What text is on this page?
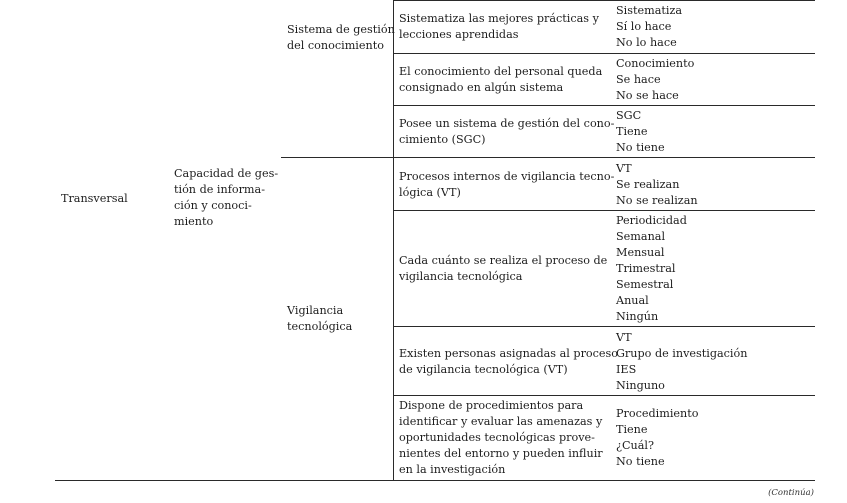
Transversal
Capacidad de ges-
tión de informa-
ción y conoci-
miento
Sistema de gestión
del conocimiento
Vigilancia
tecnológica
Sistematiza las mejores prácticas y
lecciones aprendidas
Sistematiza
Sí lo hace
No lo hace
El conocimiento del personal queda
consignado en algún sistema
Conocimiento
Se hace
No se hace
Posee un sistema de gestión del cono-
cimiento (SGC)
SGC
Tiene
No tiene
Procesos internos de vigilancia tecno-
lógica (VT)
VT
Se realizan
No se realizan
Cada cuánto se realiza el proceso de
vigilancia tecnológica
Periodicidad
Semanal
Mensual
Trimestral
Semestral
Anual
Ningún
Existen personas asignadas al proceso
de vigilancia tecnológica (VT)
VT
Grupo de investigación
IES
Ninguno
Dispone de procedimientos para
identificar y evaluar las amenazas y
oportunidades tecnológicas prove-
nientes del entorno y pueden influir
en la investigación
Procedimiento
Tiene
¿Cuál?
No tiene
(Continúa)
